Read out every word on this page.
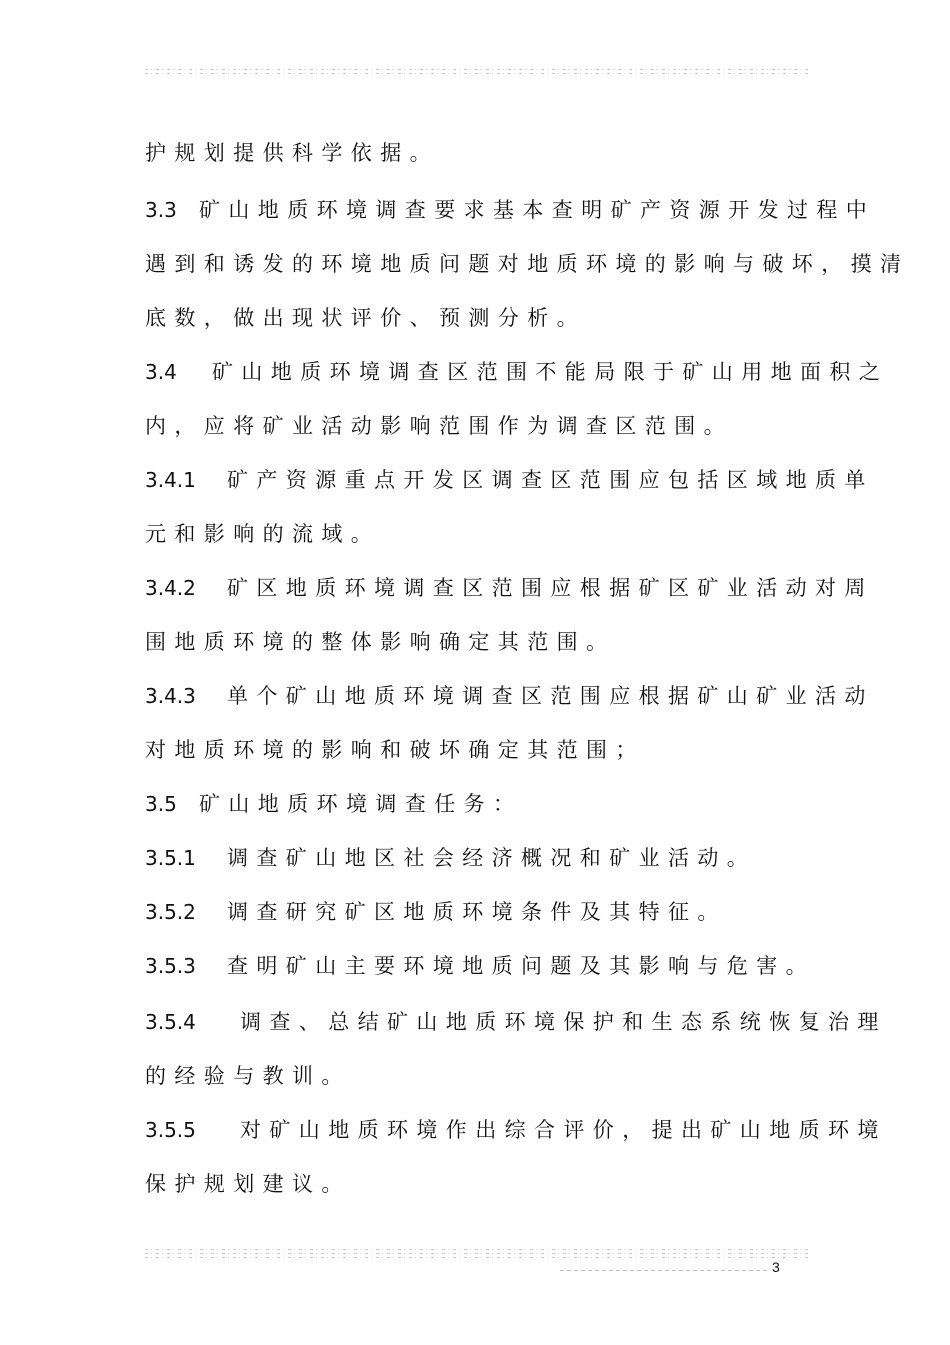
护规划提供科学依据。
3.3 矿山地质环境调查要求基本查明矿产资源开发过程中
遇到和诱发的环境地质问题对地质环境的影响与破坏，摸清
底数，做出现状评价、预测分析。
3.4 矿山地质环境调查区范围不能局限于矿山用地面积之
内，应将矿业活动影响范围作为调查区范围。
3.4.1 矿产资源重点开发区调查区范围应包括区域地质单
元和影响的流域。
3.4.2 矿区地质环境调查区范围应根据矿区矿业活动对周
围地质环境的整体影响确定其范围。
3.4.3 单个矿山地质环境调查区范围应根据矿山矿业活动
对地质环境的影响和破坏确定其范围；
3.5 矿山地质环境调查任务：
3.5.1 调查矿山地区社会经济概况和矿业活动。
3.5.2 调查研究矿区地质环境条件及其特征。
3.5.3 查明矿山主要环境地质问题及其影响与危害。
3.5.4 调查、总结矿山地质环境保护和生态系统恢复治理
的经验与教训。
3.5.5 对矿山地质环境作出综合评价，提出矿山地质环境
保护规划建议。
3
